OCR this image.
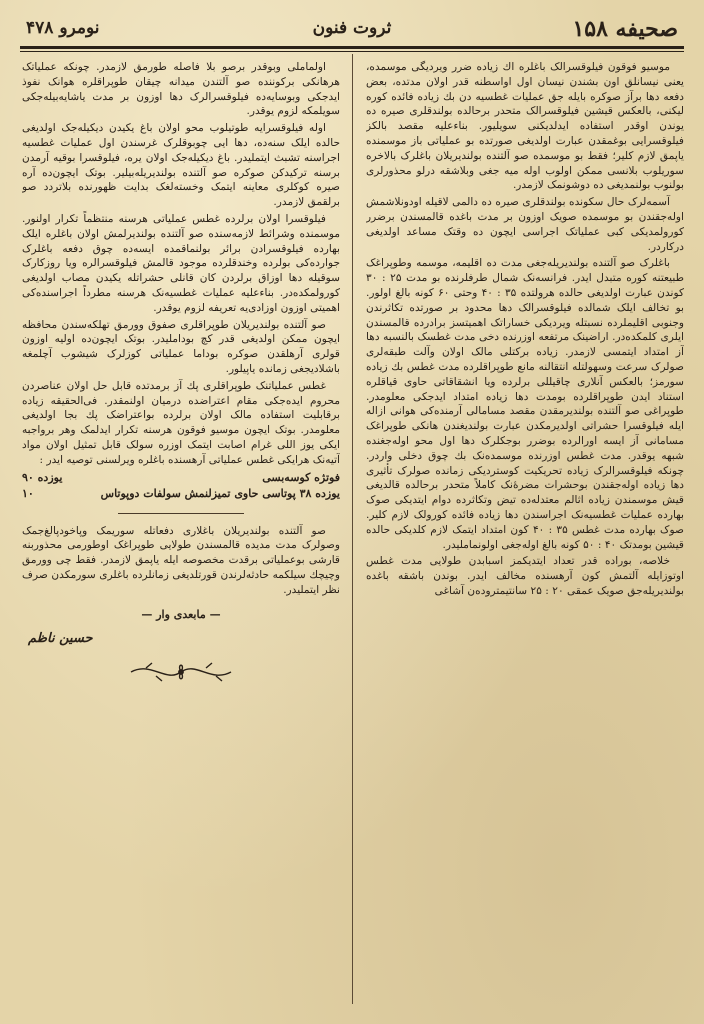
صحیفه ۱۵۸
ثروت فنون
نومرو ۴۷۸

موسیو فوقون فیلوقسرالک باغلره اك زیاده ضرر ویردیگی موسمده، یعنی نیسانلق اون بشندن نیسان اول اواسطنه قدر اولان مدتده، بعض دفعه دها برآز صوکره بایله جق عملیات غطسیه دن بك زیاده فائده کوره لیکنی، بالعکس قیشین فیلوقسرالک متحدر برحالده بولندقلری صیره ده یوندن اوقدر استفاده ایدلدیکنی سویلیور. بناءعلیه مقصد بالکز فیلوقسرایی بوغمقدن عبارت اولدیغی صورتده بو عملیاتی باز موسمنده یاپمق لازم کلیر؛ فقط بو موسمده صو آلتنده بولندیریلان باغلرک بالاخره سوریلوب بلانسی ممکن اولوب اوله میه جغی وبلاشقه درلو محذورلری بولنوب بولنمدیغی ده دوشونمک لازمدر.

آسمه‌لرک حال سکونده بولندقلری صیره ده دالمی لاقیله اودونلاشمش اوله‌جقندن بو موسمده صویک اوزون بر مدت باغده قالمسندن برضرر کورولمدیکی کبی عملیاتک اجراسی ایچون ده وقتک مساعد اولدیغی درکاردر.

باغلرک صو آلتنده بولندیریله‌جغی مدت ده اقلیمه، موسمه وطوپراغک طبیعتنه کوره متبدل ایدر. فرانسه‌نک شمال طرفلرنده بو مدت ۲۵ : ۳۰ کوندن عبارت اولدیغی حالده هرولتده ۳۵ : ۴۰ وحتی ۶۰ کونه بالغ اولور. بو تخالف ایلک شمالده فیلوقسرالک دها محدود بر صورتده تکاثرندن وجنوبی اقلیملرده نسبتله ویردیکی خساراتک اهمیتسز برادرده قالمسندن ایلری کلمکده‌در. اراضینک مرتفعه اوزرنده دخی مدت غطسک بالنسبه دها آز امتداد ایتمسی لازمدر. زیاده برکتلی مالک اولان وآلت طبقه‌لری صولرک سرعت وسهولتله انتقالنه مانع طوپراقلرده مدت غطس بك زیاده سورمز؛ بالعکس آنلاری چاقیللی برلرده ویا انشقاقاتی حاوی قیاقلره استناد ایدن طوپراقلرده بومدت دها زیاده امتداد ایدجکی معلومدر. طوپراغی صو آلتنده بولندیرمقدن مقصد مسامالی آرمنده‌کی هوانی ازاله ایله فیلوقسرا حشراتی اولدیرمکدن عبارت بولندیغندن هانکی طوپراغک مسامانی آز ایسه اورالرده بوضرر بوجکلرک دها اول محو اوله‌جغنده شبهه یوقدر. مدت غطس اوزرنده موسمده‌نک بك چوق دخلی واردر. چونکه فیلوقسرالرک زیاده تحریکیت کوستردیکی زمانده صولرک تأثیری دها زیاده اوله‌جقندن بوحشرات مضرهٔ‌نک کاملاً متحدر برحالده قالدیغی قیش موسمندن زیاده اثالم معتدله‌ده تیض وتکاثرده دوام ایتدیکی صوک بهارده عملیات غطسیه‌نک اجراسندن دها زیاده فائده کورولک لازم کلیر. صوک بهارده مدت غطس ۳۵ : ۴۰ کون امتداد ایتمک لازم کلدیکی حالده قیشین بومدتک ۴۰ : ۵۰ کونه بالغ اوله‌جغی اولونماملیدر.

خلاصه، بوراده قدر تعداد ایتدیکمز اسبابدن طولایی مدت غطس اوتوزایله آلتمش کون آرهسنده مخالف ایدر. بوندن باشقه باغده بولندیریله‌جق صویک عمقی ۲۰ : ۲۵ سانتیمتروده‌ن آشاغی

اولماملی وبوقدر برصو بلا فاصله طورمق لازمدر. چونکه عملیاتک هرهانکی برکوننده صو آلتندن میدانه چیقان طوپراقلره هوانک نفوذ ایدجکی وبوسایه‌ده فیلوقسرالرک دها اوزون بر مدت یاشایه‌بیله‌جکی سویلمکه لزوم یوقدر.

اوله فیلوقسرایه طوتیلوب محو اولان باغ یکیدن دیکیله‌جک اولدیغی حالده ایلک سنه‌ده، دها ایی چوبوقلرک غرسندن اول عملیات غطسیه اجراسنه تشبث ایتملیدر. باغ دیکیله‌جک اولان یره، فیلوقسرا بوقیه آرمدن برسنه ترکیدکن صوکره صو آلتنده بولندیریله‌بیلیر. بوتک ایچون‌ده آره صیره کوکلری معاینه ایتمک وخسته‌لغک بدایت ظهورنده بلاتردد صو برلقمق لازمدر.

فیلوقسرا اولان برلرده غطس عملیاتی هرسنه منتظماً تکرار اولنور. موسمنده وشرائط لازمه‌سنده صو آلتنده بولندیرلمش اولان باغلره ایلک بهارده فیلوقسرادن برائر بولنماقمده ایسه‌ده چوق دفعه باغلرک جوارده‌کی بولرده وخندقلرده موجود قالمش فیلوقسرالره ویا روزکارک سوقیله دها اوزاق برلردن کان قانلی حشراتله یکیدن مصاب اولدیغی کورولمکده‌در. بناءعلیه عملیات غطسیه‌نک هرسنه مطرداً اجراسنده‌کی اهمیتی اوزون اوزادی‌یه تعریفه لزوم یوقدر.

صو آلتنده بولندیریلان طوپراقلری صفوق وورمق تهلکه‌سندن محافظه ایچون ممکن اولدیغی قدر کچ بوداملیدر. بوتک ایچون‌ده اولیه اوزون قولری آرهلقدن صوکره بوداما عملیاتی کوزلرک شیشوب آچلمغه باشلادیجغی زمانده یاپیلور.

غطس عملیاتنک طوپراقلری پك آز برمدتده قابل حل اولان عناصردن محروم ایده‌جکی مقام اعتراضده درمیان اولنمقدر. فی‌الحقیقه زیاده برقابلیت استفاده مالک اولان برلرده بواعتراضک پك بجا اولدیغی معلومدر. بوتک ایچون موسیو فوقون هرسنه تکرار ایدلمک وهر برواجبه ایکی یوز اللی غرام اصابت ایتمک اوزره سولک قابل تمثیل اولان مواد آتیه‌نک هرایکی غطس عملیاتی آرهسنده باغلره ویرلسنی توصیه ایدر :

فوتژه کوسه‌بسی
یوزده ۹۰
یوزده ۳۸ پوتاسی حاوی تمیزلنمش سولفات دوپوتاس
۱۰

صو آلتنده بولندیریلان باغلاری دفعاتله سوریمک وپاخودپالغ‌جمک وصولرک مدت مدیده قالمسندن طولایی طوپراغک اوطورمی محذوربنه قارشی بوعملیاتی برقدت مخصوصه ایله یاپمق لازمدر. فقط چی وورمق وچیچك سیلکمه حادثه‌لرندن قورتلدیغی زمانلرده باغلری سورمکدن صرف نظر ایتملیدر.

— مابعدی وار —
حسین ناظم
